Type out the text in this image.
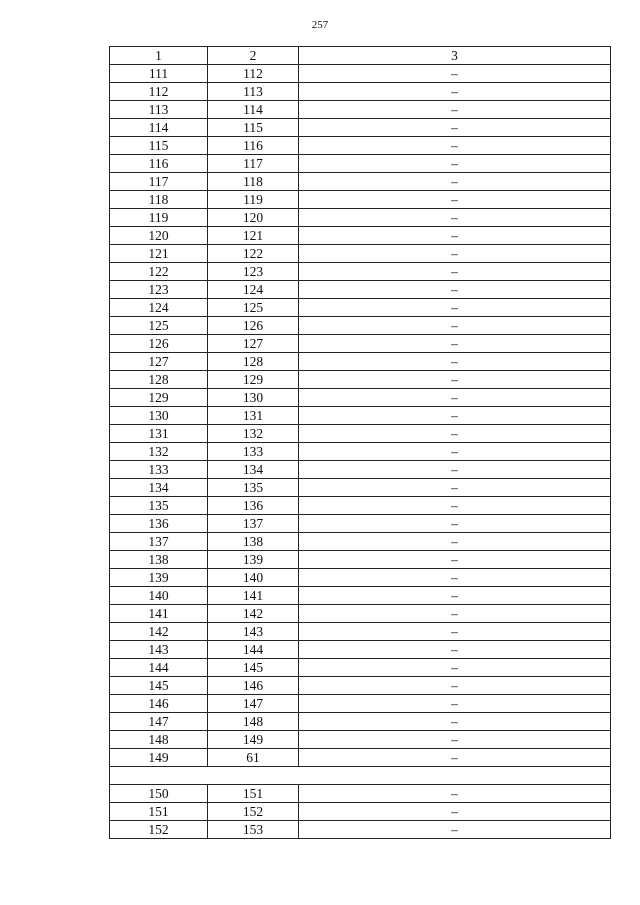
257
1	2	3
111	112	–
112	113	–
113	114	–
114	115	–
115	116	–
116	117	–
117	118	–
118	119	–
119	120	–
120	121	–
121	122	–
122	123	–
123	124	–
124	125	–
125	126	–
126	127	–
127	128	–
128	129	–
129	130	–
130	131	–
131	132	–
132	133	–
133	134	–
134	135	–
135	136	–
136	137	–
137	138	–
138	139	–
139	140	–
140	141	–
141	142	–
142	143	–
143	144	–
144	145	–
145	146	–
146	147	–
147	148	–
148	149	–
149	61	–

150	151	–
151	152	–
152	153	–
